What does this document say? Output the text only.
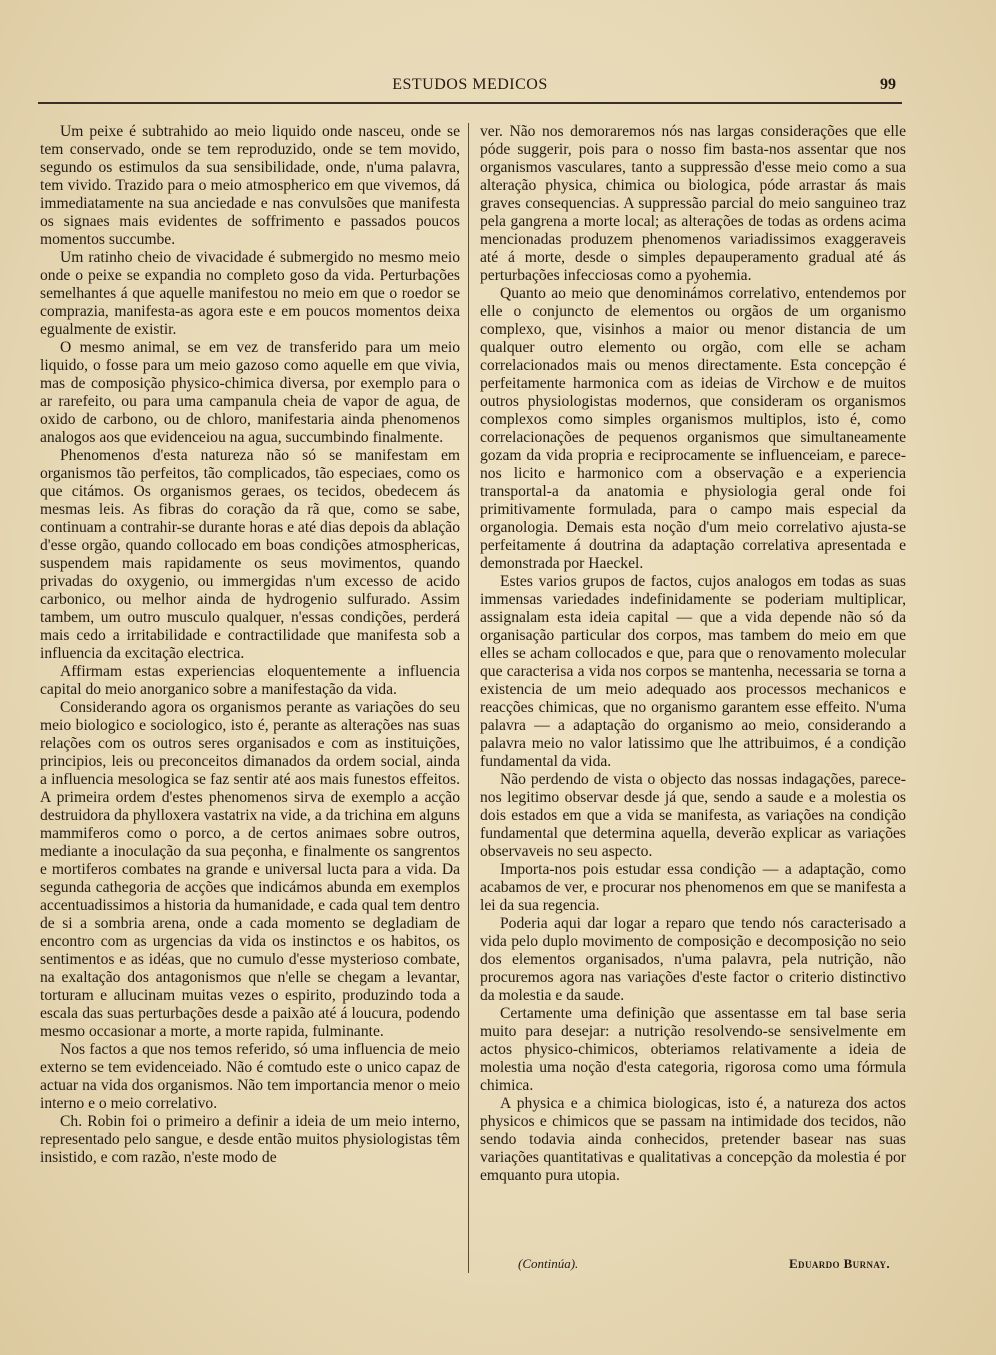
ESTUDOS MEDICOS	99

Um peixe é subtrahido ao meio liquido onde nasceu, onde se tem conservado, onde se tem reproduzido, onde se tem movido, segundo os estimulos da sua sensibilidade, onde, n'uma palavra, tem vivido. Trazido para o meio atmospherico em que vivemos, dá immediatamente na sua anciedade e nas convulsões que manifesta os signaes mais evidentes de soffrimento e passados poucos momentos succumbe.

Um ratinho cheio de vivacidade é submergido no mesmo meio onde o peixe se expandia no completo goso da vida. Perturbações semelhantes á que aquelle manifestou no meio em que o roedor se comprazia, manifesta-as agora este e em poucos momentos deixa egualmente de existir.

O mesmo animal, se em vez de transferido para um meio liquido, o fosse para um meio gazoso como aquelle em que vivia, mas de composição physico-chimica diversa, por exemplo para o ar rarefeito, ou para uma campanula cheia de vapor de agua, de oxido de carbono, ou de chloro, manifestaria ainda phenomenos analogos aos que evidenceiou na agua, succumbindo finalmente.

Phenomenos d'esta natureza não só se manifestam em organismos tão perfeitos, tão complicados, tão especiaes, como os que citámos. Os organismos geraes, os tecidos, obedecem ás mesmas leis. As fibras do coração da rã que, como se sabe, continuam a contrahir-se durante horas e até dias depois da ablação d'esse orgão, quando collocado em boas condições atmosphericas, suspendem mais rapidamente os seus movimentos, quando privadas do oxygenio, ou immergidas n'um excesso de acido carbonico, ou melhor ainda de hydrogenio sulfurado. Assim tambem, um outro musculo qualquer, n'essas condições, perderá mais cedo a irritabilidade e contractilidade que manifesta sob a influencia da excitação electrica.

Affirmam estas experiencias eloquentemente a influencia capital do meio anorganico sobre a manifestação da vida.

Considerando agora os organismos perante as variações do seu meio biologico e sociologico, isto é, perante as alterações nas suas relações com os outros seres organisados e com as instituições, principios, leis ou preconceitos dimanados da ordem social, ainda a influencia mesologica se faz sentir até aos mais funestos effeitos. A primeira ordem d'estes phenomenos sirva de exemplo a acção destruidora da phylloxera vastatrix na vide, a da trichina em alguns mammiferos como o porco, a de certos animaes sobre outros, mediante a inoculação da sua peçonha, e finalmente os sangrentos e mortiferos combates na grande e universal lucta para a vida. Da segunda cathegoria de acções que indicámos abunda em exemplos accentuadissimos a historia da humanidade, e cada qual tem dentro de si a sombria arena, onde a cada momento se degladiam de encontro com as urgencias da vida os instinctos e os habitos, os sentimentos e as idéas, que no cumulo d'esse mysterioso combate, na exaltação dos antagonismos que n'elle se chegam a levantar, torturam e allucinam muitas vezes o espirito, produzindo toda a escala das suas perturbações desde a paixão até á loucura, podendo mesmo occasionar a morte, a morte rapida, fulminante.

Nos factos a que nos temos referido, só uma influencia de meio externo se tem evidenceiado. Não é comtudo este o unico capaz de actuar na vida dos organismos. Não tem importancia menor o meio interno e o meio correlativo.

Ch. Robin foi o primeiro a definir a ideia de um meio interno, representado pelo sangue, e desde então muitos physiologistas têm insistido, e com razão, n'este modo de

ver. Não nos demoraremos nós nas largas considerações que elle póde suggerir, pois para o nosso fim basta-nos assentar que nos organismos vasculares, tanto a suppressão d'esse meio como a sua alteração physica, chimica ou biologica, póde arrastar ás mais graves consequencias. A suppressão parcial do meio sanguineo traz pela gangrena a morte local; as alterações de todas as ordens acima mencionadas produzem phenomenos variadissimos exaggeraveis até á morte, desde o simples depauperamento gradual até ás perturbações infecciosas como a pyohemia.

Quanto ao meio que denominámos correlativo, entendemos por elle o conjuncto de elementos ou orgãos de um organismo complexo, que, visinhos a maior ou menor distancia de um qualquer outro elemento ou orgão, com elle se acham correlacionados mais ou menos directamente. Esta concepção é perfeitamente harmonica com as ideias de Virchow e de muitos outros physiologistas modernos, que consideram os organismos complexos como simples organismos multiplos, isto é, como correlacionações de pequenos organismos que simultaneamente gozam da vida propria e reciprocamente se influenceiam, e parece-nos licito e harmonico com a observação e a experiencia transportal-a da anatomia e physiologia geral onde foi primitivamente formulada, para o campo mais especial da organologia. Demais esta noção d'um meio correlativo ajusta-se perfeitamente á doutrina da adaptação correlativa apresentada e demonstrada por Haeckel.

Estes varios grupos de factos, cujos analogos em todas as suas immensas variedades indefinidamente se poderiam multiplicar, assignalam esta ideia capital — que a vida depende não só da organisação particular dos corpos, mas tambem do meio em que elles se acham collocados e que, para que o renovamento molecular que caracterisa a vida nos corpos se mantenha, necessaria se torna a existencia de um meio adequado aos processos mechanicos e reacções chimicas, que no organismo garantem esse effeito. N'uma palavra — a adaptação do organismo ao meio, considerando a palavra meio no valor latissimo que lhe attribuimos, é a condição fundamental da vida.

Não perdendo de vista o objecto das nossas indagações, parece-nos legitimo observar desde já que, sendo a saude e a molestia os dois estados em que a vida se manifesta, as variações na condição fundamental que determina aquella, deverão explicar as variações observaveis no seu aspecto.

Importa-nos pois estudar essa condição — a adaptação, como acabamos de ver, e procurar nos phenomenos em que se manifesta a lei da sua regencia.

Poderia aqui dar logar a reparo que tendo nós caracterisado a vida pelo duplo movimento de composição e decomposição no seio dos elementos organisados, n'uma palavra, pela nutrição, não procuremos agora nas variações d'este factor o criterio distinctivo da molestia e da saude.

Certamente uma definição que assentasse em tal base seria muito para desejar: a nutrição resolvendo-se sensivelmente em actos physico-chimicos, obteriamos relativamente a ideia de molestia uma noção d'esta categoria, rigorosa como uma fórmula chimica.

A physica e a chimica biologicas, isto é, a natureza dos actos physicos e chimicos que se passam na intimidade dos tecidos, não sendo todavia ainda conhecidos, pretender basear nas suas variações quantitativas e qualitativas a concepção da molestia é por emquanto pura utopia.

(Continúa).	Eduardo Burnay.
